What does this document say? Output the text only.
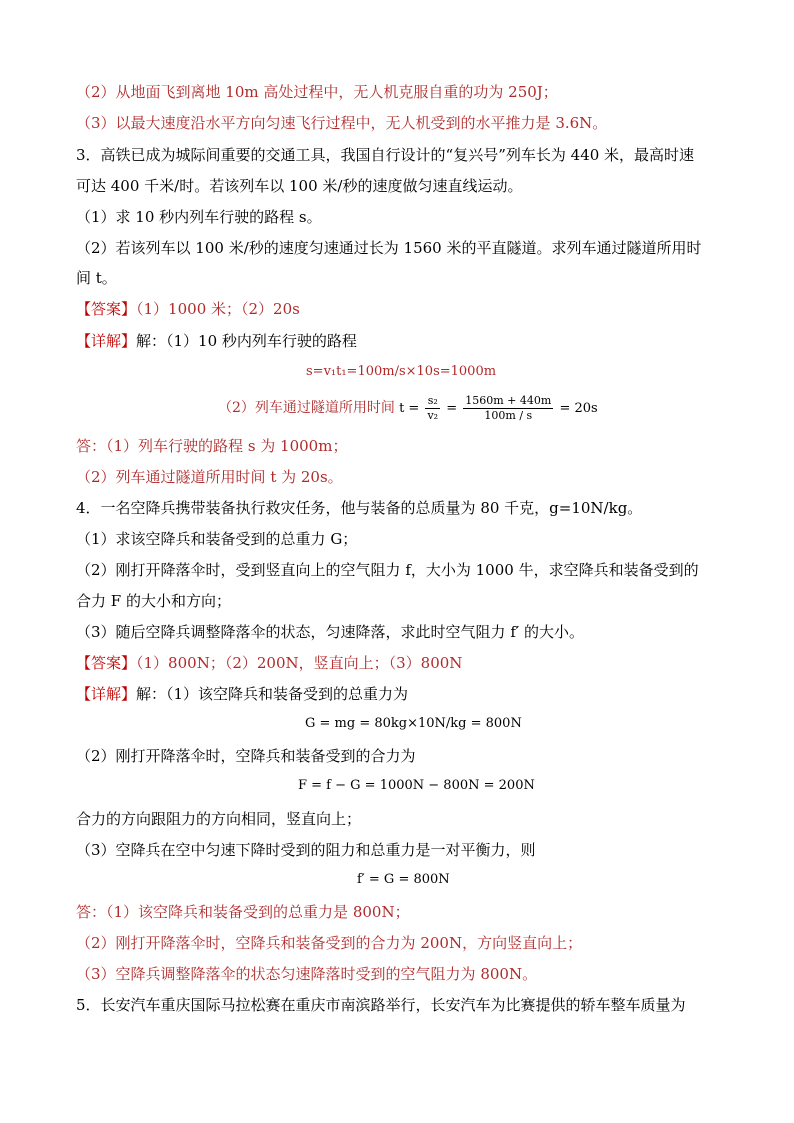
（2）从地面飞到离地 10m 高处过程中，无人机克服自重的功为 250J；
（3）以最大速度沿水平方向匀速飞行过程中，无人机受到的水平推力是 3.6N。
3．高铁已成为城际间重要的交通工具，我国自行设计的“复兴号”列车长为 440 米，最高时速
可达 400 千米/时。若该列车以 100 米/秒的速度做匀速直线运动。
（1）求 10 秒内列车行驶的路程 s。
（2）若该列车以 100 米/秒的速度匀速通过长为 1560 米的平直隧道。求列车通过隧道所用时
间 t。
【答案】（1）1000 米；（2）20s
【详解】解：（1）10 秒内列车行驶的路程
s=v₁t₁=100m/s×10s=1000m
（2）列车通过隧道所用时间 $t = \frac{\text{s₂}}{\text{v₂}} = \frac{1560m + 440m}{100m / s} = 20s$
答：（1）列车行驶的路程 s 为 1000m；
（2）列车通过隧道所用时间 t 为 20s。
4．一名空降兵携带装备执行救灾任务，他与装备的总质量为 80 千克，g=10N/kg。
（1）求该空降兵和装备受到的总重力 G；
（2）刚打开降落伞时，受到竖直向上的空气阻力 f，大小为 1000 牛，求空降兵和装备受到的
合力 F 的大小和方向；
（3）随后空降兵调整降落伞的状态，匀速降落，求此时空气阻力 f′ 的大小。
【答案】（1）800N；（2）200N，竖直向上；（3）800N
【详解】解：（1）该空降兵和装备受到的总重力为
G = mg = 80kg×10N/kg = 800N
（2）刚打开降落伞时，空降兵和装备受到的合力为
F = f − G = 1000N − 800N = 200N
合力的方向跟阻力的方向相同，竖直向上；
（3）空降兵在空中匀速下降时受到的阻力和总重力是一对平衡力，则
f′ = G = 800N
答：（1）该空降兵和装备受到的总重力是 800N；
（2）刚打开降落伞时，空降兵和装备受到的合力为 200N，方向竖直向上；
（3）空降兵调整降落伞的状态匀速降落时受到的空气阻力为 800N。
5．长安汽车重庆国际马拉松赛在重庆市南滨路举行，长安汽车为比赛提供的轿车整车质量为
